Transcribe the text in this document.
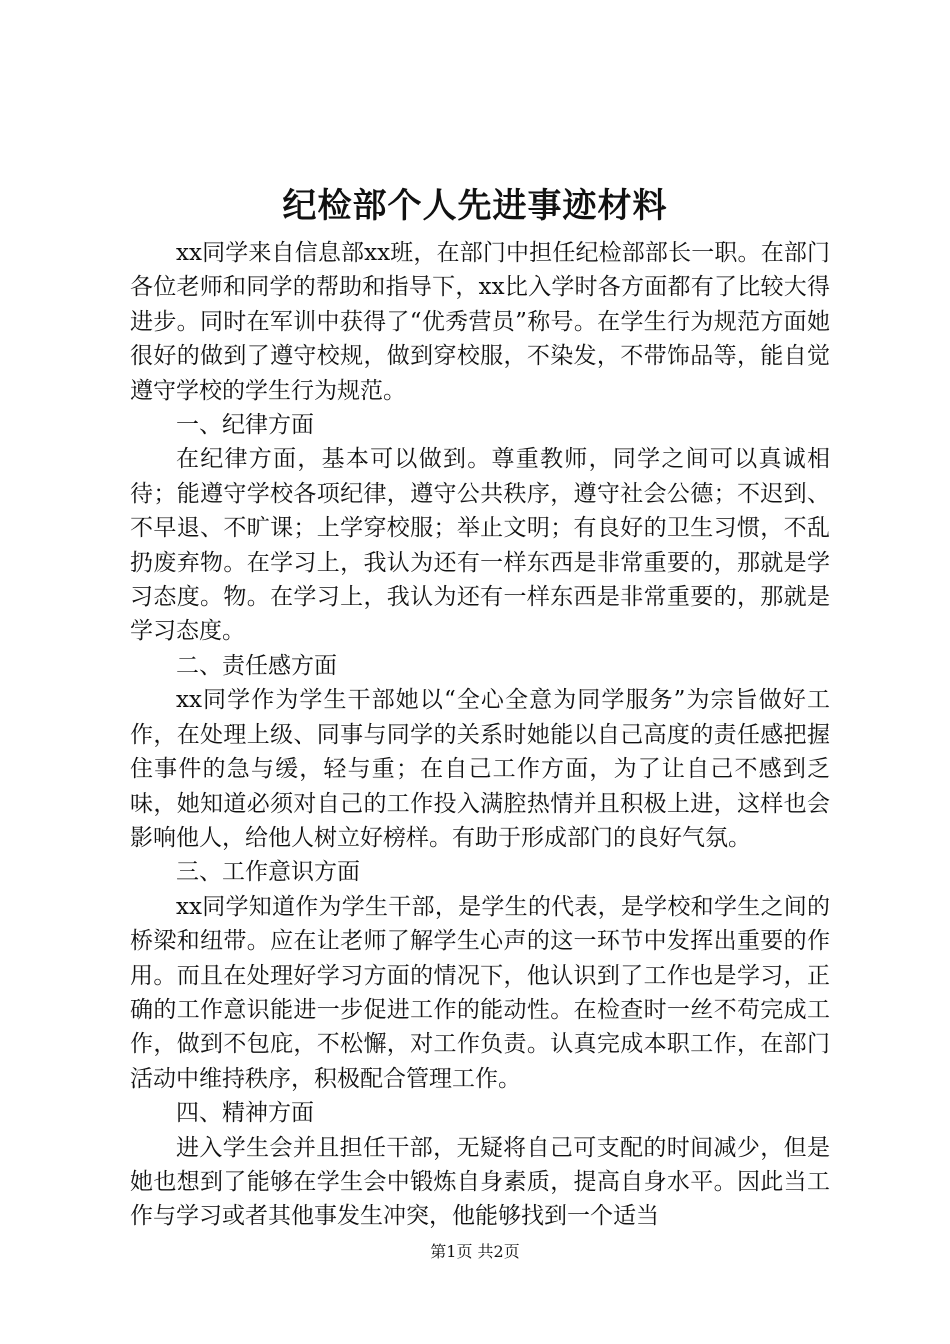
纪检部个人先进事迹材料

xx同学来自信息部xx班，在部门中担任纪检部部长一职。在部门各位老师和同学的帮助和指导下，xx比入学时各方面都有了比较大得进步。同时在军训中获得了“优秀营员”称号。在学生行为规范方面她很好的做到了遵守校规，做到穿校服，不染发，不带饰品等，能自觉遵守学校的学生行为规范。

一、纪律方面

在纪律方面，基本可以做到。尊重教师，同学之间可以真诚相待；能遵守学校各项纪律，遵守公共秩序，遵守社会公德；不迟到、不早退、不旷课；上学穿校服；举止文明；有良好的卫生习惯，不乱扔废弃物。在学习上，我认为还有一样东西是非常重要的，那就是学习态度。物。在学习上，我认为还有一样东西是非常重要的，那就是学习态度。

二、责任感方面

xx同学作为学生干部她以“全心全意为同学服务”为宗旨做好工作，在处理上级、同事与同学的关系时她能以自己高度的责任感把握住事件的急与缓，轻与重；在自己工作方面，为了让自己不感到乏味，她知道必须对自己的工作投入满腔热情并且积极上进，这样也会影响他人，给他人树立好榜样。有助于形成部门的良好气氛。

三、工作意识方面

xx同学知道作为学生干部，是学生的代表，是学校和学生之间的桥梁和纽带。应在让老师了解学生心声的这一环节中发挥出重要的作用。而且在处理好学习方面的情况下，他认识到了工作也是学习，正确的工作意识能进一步促进工作的能动性。在检查时一丝不苟完成工作，做到不包庇，不松懈，对工作负责。认真完成本职工作，在部门活动中维持秩序，积极配合管理工作。

四、精神方面

进入学生会并且担任干部，无疑将自己可支配的时间减少，但是她也想到了能够在学生会中锻炼自身素质，提高自身水平。因此当工作与学习或者其他事发生冲突，他能够找到一个适当

第1页 共2页
